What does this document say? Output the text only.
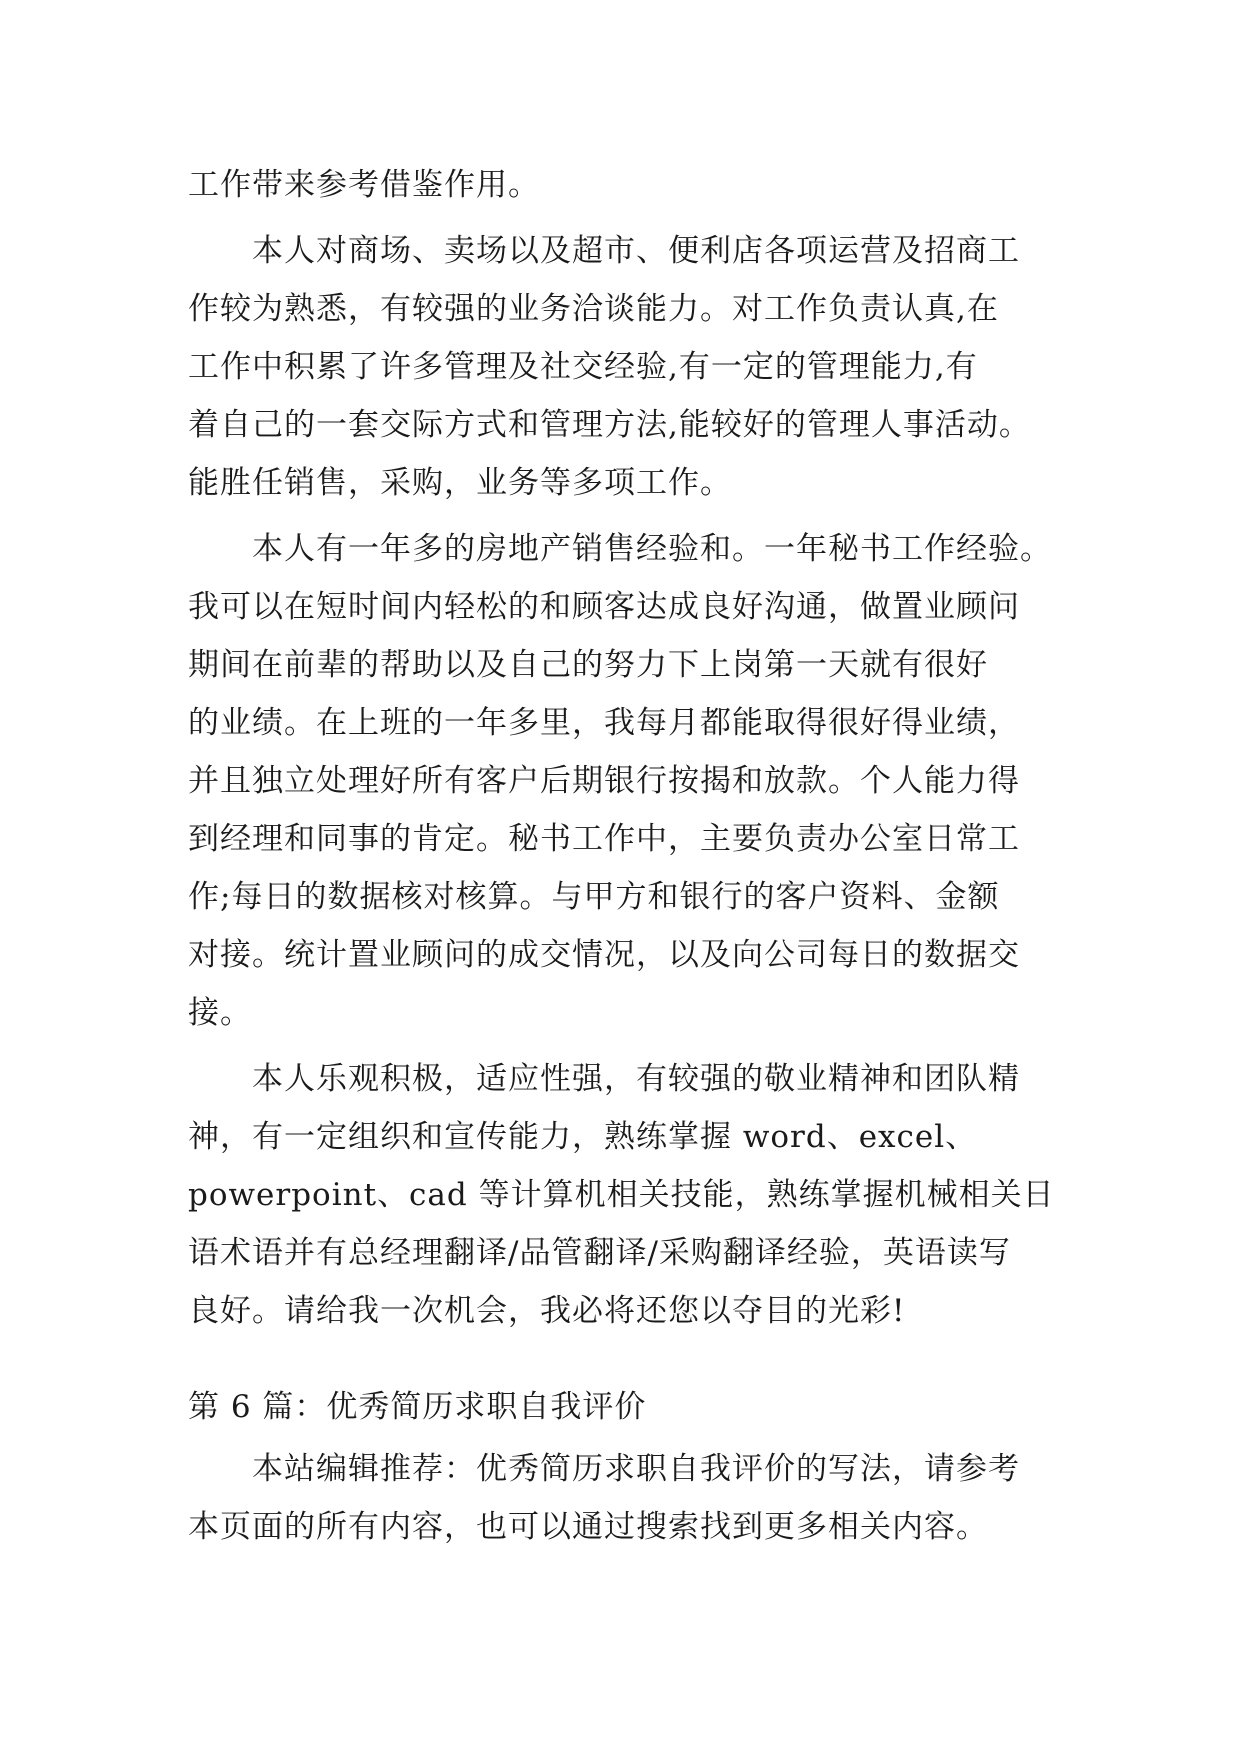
工作带来参考借鉴作用。
本人对商场、卖场以及超市、便利店各项运营及招商工
作较为熟悉，有较强的业务洽谈能力。对工作负责认真,在
工作中积累了许多管理及社交经验,有一定的管理能力,有
着自己的一套交际方式和管理方法,能较好的管理人事活动。
能胜任销售，采购，业务等多项工作。
本人有一年多的房地产销售经验和。一年秘书工作经验。
我可以在短时间内轻松的和顾客达成良好沟通，做置业顾问
期间在前辈的帮助以及自己的努力下上岗第一天就有很好
的业绩。在上班的一年多里，我每月都能取得很好得业绩，
并且独立处理好所有客户后期银行按揭和放款。个人能力得
到经理和同事的肯定。秘书工作中，主要负责办公室日常工
作;每日的数据核对核算。与甲方和银行的客户资料、金额
对接。统计置业顾问的成交情况，以及向公司每日的数据交
接。
本人乐观积极，适应性强，有较强的敬业精神和团队精
神，有一定组织和宣传能力，熟练掌握 word、excel、
powerpoint、cad 等计算机相关技能，熟练掌握机械相关日
语术语并有总经理翻译/品管翻译/采购翻译经验，英语读写
良好。请给我一次机会，我必将还您以夺目的光彩!
第 6 篇：优秀简历求职自我评价
本站编辑推荐：优秀简历求职自我评价的写法，请参考
本页面的所有内容，也可以通过搜索找到更多相关内容。
